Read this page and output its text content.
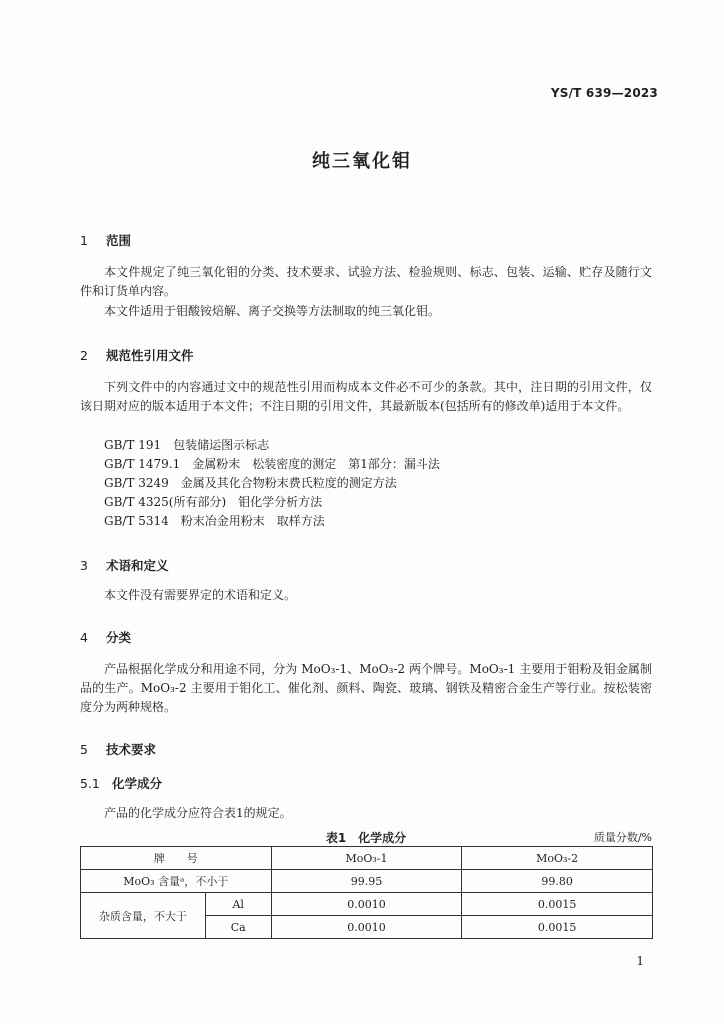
YS/T 639—2023
纯三氧化钼
1 范围
本文件规定了纯三氧化钼的分类、技术要求、试验方法、检验规则、标志、包装、运输、贮存及随行文件和订货单内容。
本文件适用于钼酸铵焙解、离子交换等方法制取的纯三氧化钼。
2 规范性引用文件
下列文件中的内容通过文中的规范性引用而构成本文件必不可少的条款。其中，注日期的引用文件，仅该日期对应的版本适用于本文件；不注日期的引用文件，其最新版本(包括所有的修改单)适用于本文件。
GB/T 191　包装储运图示标志
GB/T 1479.1　金属粉末　松装密度的测定　第1部分：漏斗法
GB/T 3249　金属及其化合物粉末费氏粒度的测定方法
GB/T 4325(所有部分)　钼化学分析方法
GB/T 5314　粉末冶金用粉末　取样方法
3 术语和定义
本文件没有需要界定的术语和定义。
4 分类
产品根据化学成分和用途不同，分为 MoO₃-1、MoO₃-2 两个牌号。MoO₃-1 主要用于钼粉及钼金属制品的生产。MoO₃-2 主要用于钼化工、催化剂、颜料、陶瓷、玻璃、钢铁及精密合金生产等行业。按松装密度分为两种规格。
5 技术要求
5.1 化学成分
产品的化学成分应符合表1的规定。
表1　化学成分	质量分数/%
牌　　号		MoO₃-1	MoO₃-2
MoO₃ 含量ᵃ，不小于		99.95	99.80
杂质含量，不大于	Al	0.0010	0.0015
	Ca	0.0010	0.0015
1
